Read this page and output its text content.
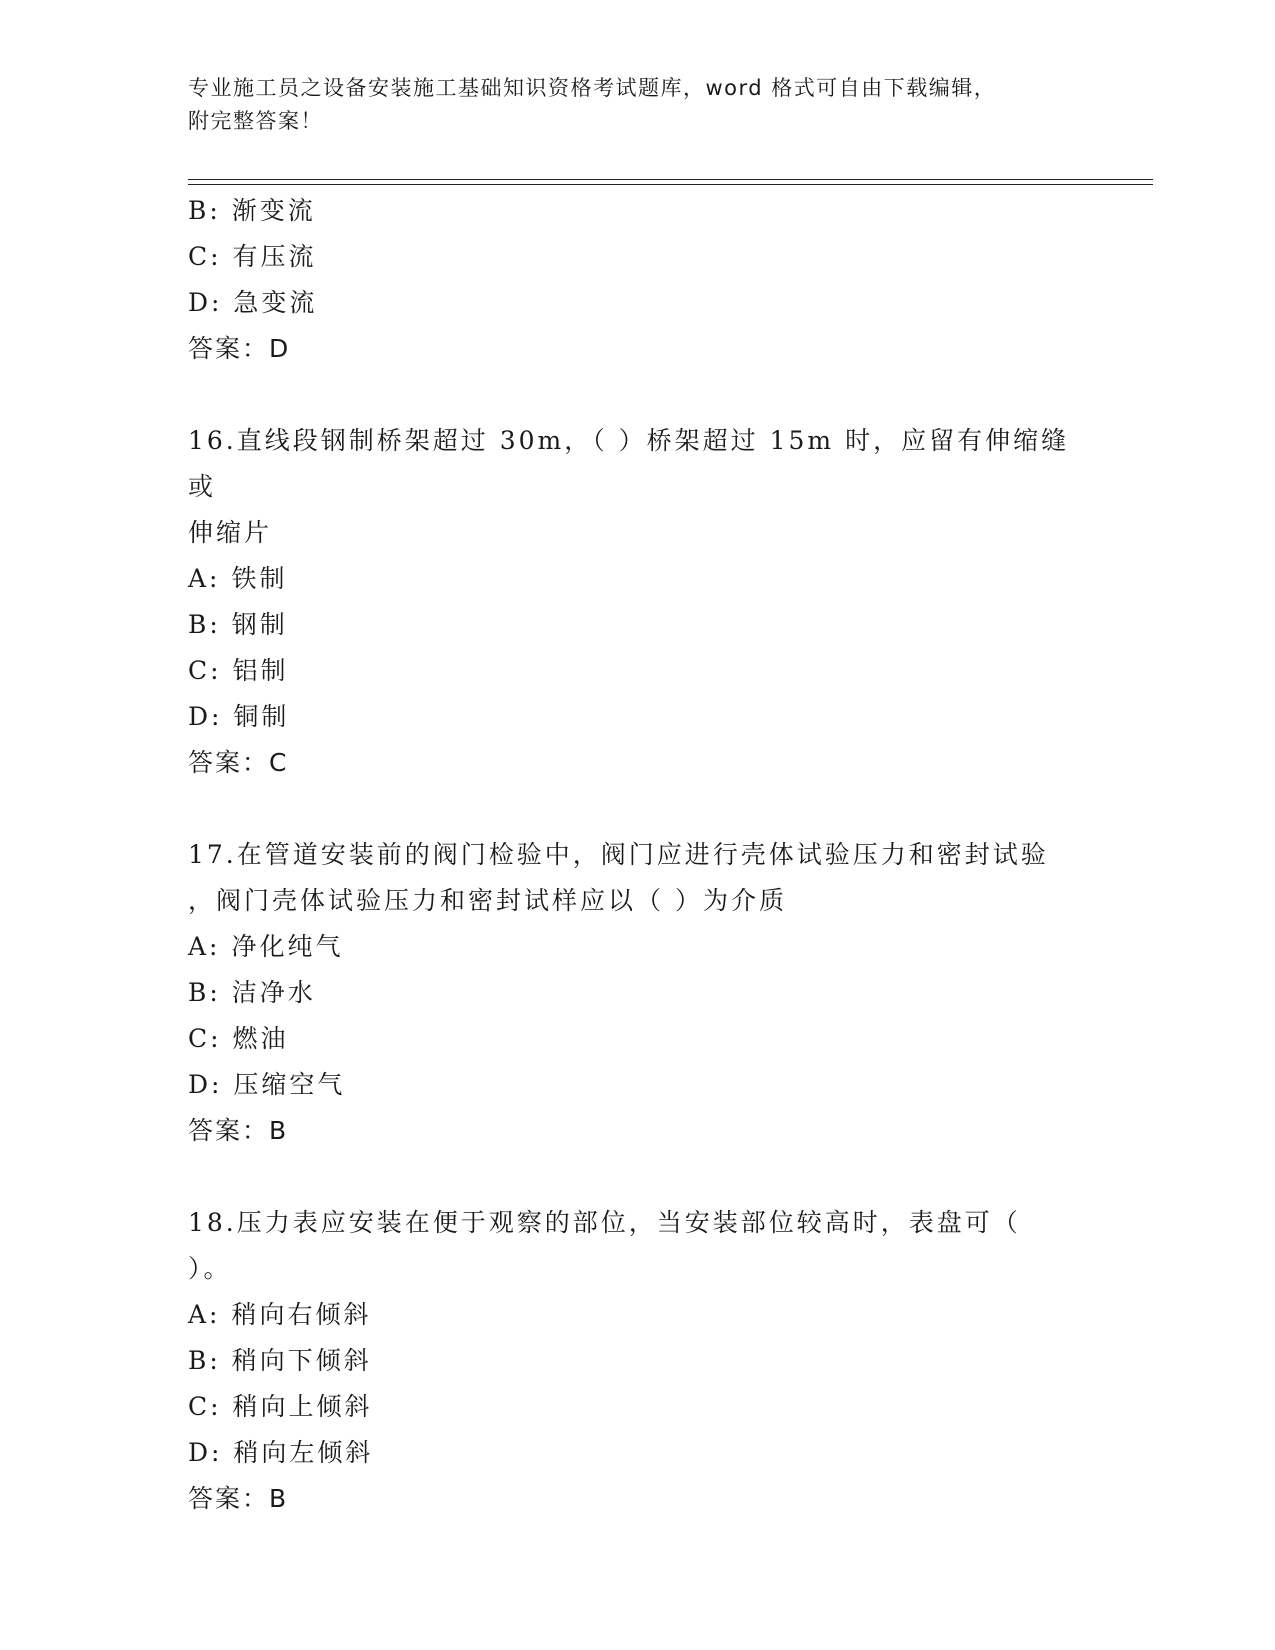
专业施工员之设备安装施工基础知识资格考试题库，word 格式可自由下载编辑，
附完整答案！
B: 渐变流
C: 有压流
D: 急变流
答案：D
16.直线段钢制桥架超过 30m，（ ）桥架超过 15m 时，应留有伸缩缝或
伸缩片
A: 铁制
B: 钢制
C: 铝制
D: 铜制
答案：C
17.在管道安装前的阀门检验中，阀门应进行壳体试验压力和密封试验
，阀门壳体试验压力和密封试样应以（ ）为介质
A: 净化纯气
B: 洁净水
C: 燃油
D: 压缩空气
答案：B
18.压力表应安装在便于观察的部位，当安装部位较高时，表盘可（
）。
A: 稍向右倾斜
B: 稍向下倾斜
C: 稍向上倾斜
D: 稍向左倾斜
答案：B
